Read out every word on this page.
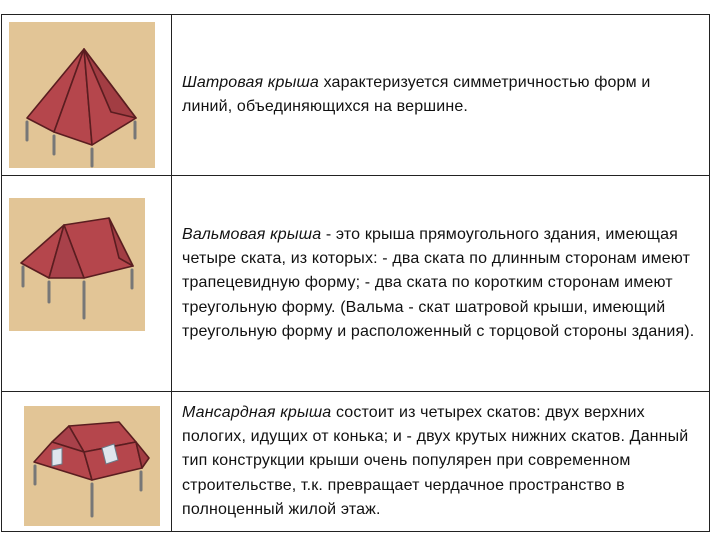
Шатровая крыша характеризуется симметричностью форм и линий, объединяющихся на вершине.

Вальмовая крыша - это крыша прямоугольного здания, имеющая четыре ската, из которых: - два ската по длинным сторонам имеют трапецевидную форму; - два ската по коротким сторонам имеют треугольную форму. (Вальма - скат шатровой крыши, имеющий треугольную форму и расположенный с торцовой стороны здания).

Мансардная крыша состоит из четырех скатов: двух верхних пологих, идущих от конька; и - двух крутых нижних скатов. Данный тип конструкции крыши очень популярен при современном строительстве, т.к. превращает чердачное пространство в полноценный жилой этаж.
